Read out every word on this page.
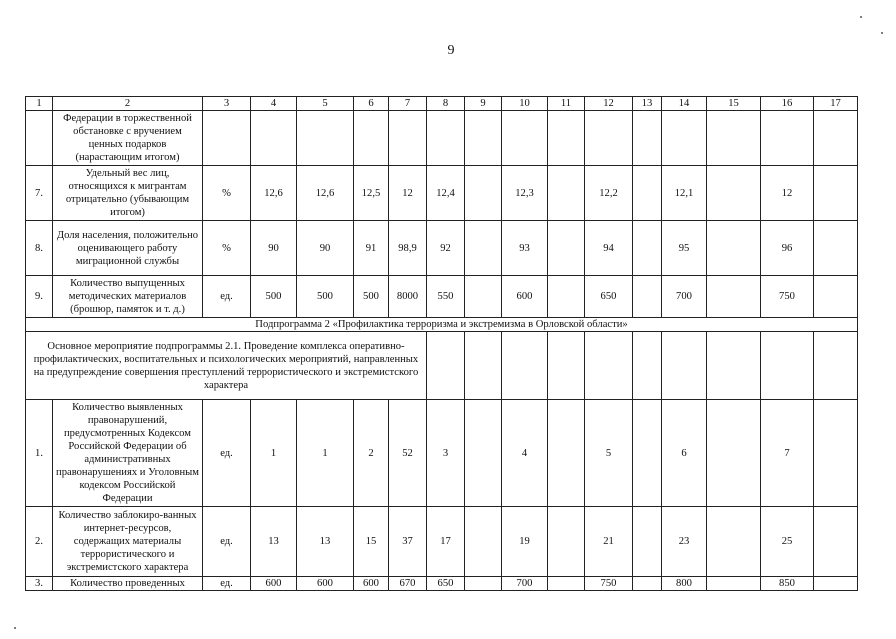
9
1	2	3	4	5	6	7	8	9	10	11	12	13	14	15	16	17
	Федерации в торжественной обстановке с вручением ценных подарков (нарастающим итогом)															
7.	Удельный вес лиц, относящихся к мигрантам отрицательно (убывающим итогом)	%	12,6	12,6	12,5	12	12,4		12,3		12,2		12,1		12	
8.	Доля населения, положительно оценивающего работу миграционной службы	%	90	90	91	98,9	92		93		94		95		96	
9.	Количество выпущенных методических материалов (брошюр, памяток и т. д.)	ед.	500	500	500	8000	550		600		650		700		750	
Подпрограмма 2 «Профилактика терроризма и экстремизма в Орловской области»																
Основное мероприятие подпрограммы 2.1. Проведение комплекса оперативно-профилактических, воспитательных и психологических мероприятий, направленных на предупреждение совершения преступлений террористического и экстремистского характера																
1.	Количество выявленных правонарушений, предусмотренных Кодексом Российской Федерации об административных правонарушениях и Уголовным кодексом Российской Федерации	ед.	1	1	2	52	3		4		5		6		7	
2.	Количество заблокиро-ванных интернет-ресурсов, содержащих материалы террористического и экстремистского характера	ед.	13	13	15	37	17		19		21		23		25	
3.	Количество проведенных	ед.	600	600	600	670	650		700		750		800		850	
